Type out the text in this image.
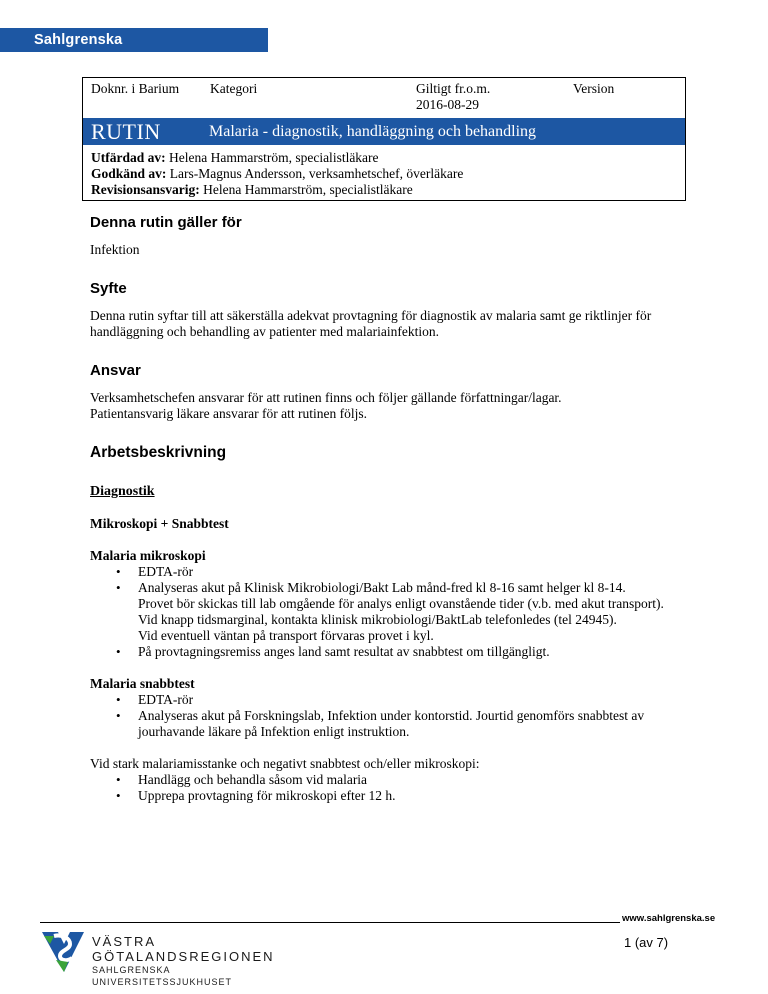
Sahlgrenska Universitetssjukhuset
Doknr. i Barium Kategori	Giltigt fr.o.m.
2016-08-29
Version
RUTIN	Malaria - diagnostik, handläggning och behandling
Utfärdad av: Helena Hammarström, specialistläkare
Godkänd av: Lars-Magnus Andersson, verksamhetschef, överläkare
Revisionsansvarig: Helena Hammarström, specialistläkare
Denna rutin gäller för

Infektion

Syfte

Denna rutin syftar till att säkerställa adekvat provtagning för diagnostik av malaria samt ge riktlinjer för handläggning och behandling av patienter med malariainfektion.

Ansvar

Verksamhetschefen ansvarar för att rutinen finns och följer gällande författningar/lagar.

Patientansvarig läkare ansvarar för att rutinen följs.

Arbetsbeskrivning

Diagnostik

Mikroskopi + Snabbtest

Malaria mikroskopi

• EDTA-rör
• Analyseras akut på Klinisk Mikrobiologi/Bakt Lab månd-fred kl 8-16 samt helger kl 8-14.
Provet bör skickas till lab omgående för analys enligt ovanstående tider (v.b. med akut transport).
Vid knapp tidsmarginal, kontakta klinisk mikrobiologi/BaktLab telefonledes (tel 24945).
Vid eventuell väntan på transport förvaras provet i kyl.
• På provtagningsremiss anges land samt resultat av snabbtest om tillgängligt.

Malaria snabbtest

• EDTA-rör
• Analyseras akut på Forskningslab, Infektion under kontorstid. Jourtid genomförs snabbtest av jourhavande läkare på Infektion enligt instruktion.

Vid stark malariamisstanke och negativt snabbtest och/eller mikroskopi:

• Handlägg och behandla såsom vid malaria
• Upprepa provtagning för mikroskopi efter 12 h.
www.sahlgrenska.se
1 (av 7)
VÄSTRA
GÖTALANDSREGIONEN
SAHLGRENSKA UNIVERSITETSSJUKHUSET
